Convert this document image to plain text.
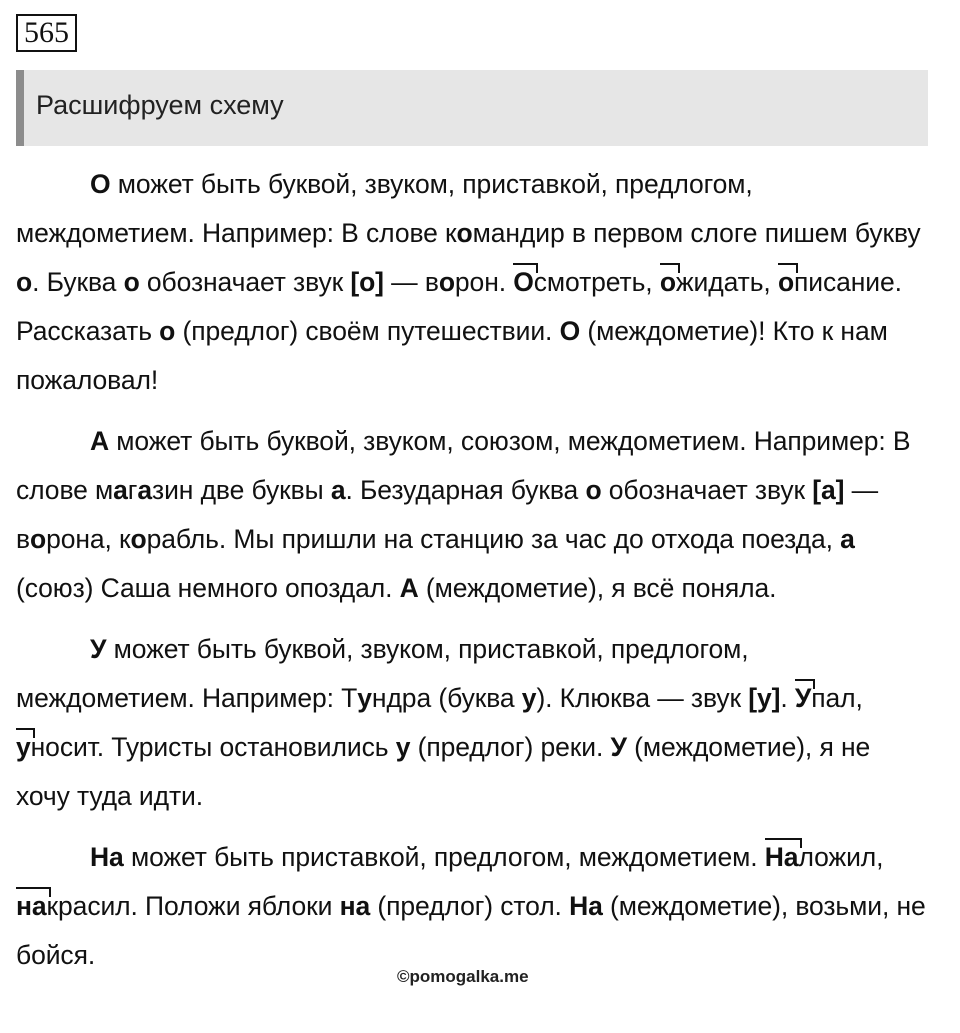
565
Расшифруем схему

О может быть буквой, звуком, приставкой, предлогом, междометием. Например: В слове командир в первом слоге пишем букву о. Буква о обозначает звук [о] — ворон. Осмотреть, ожидать, описание. Рассказать о (предлог) своём путешествии. О (междометие)! Кто к нам пожаловал!

А может быть буквой, звуком, союзом, междометием. Например: В слове магазин две буквы а. Безударная буква о обозначает звук [а] — ворона, корабль. Мы пришли на станцию за час до отхода поезда, а (союз) Саша немного опоздал. А (междометие), я всё поняла.

У может быть буквой, звуком, приставкой, предлогом, междометием. Например: Тундра (буква у). Клюква — звук [у]. Упал, уносит. Туристы остановились у (предлог) реки. У (междометие), я не хочу туда идти.

На может быть приставкой, предлогом, междометием. Наложил, накрасил. Положи яблоки на (предлог) стол. На (междометие), возьми, не бойся.

©pomogalka.me
